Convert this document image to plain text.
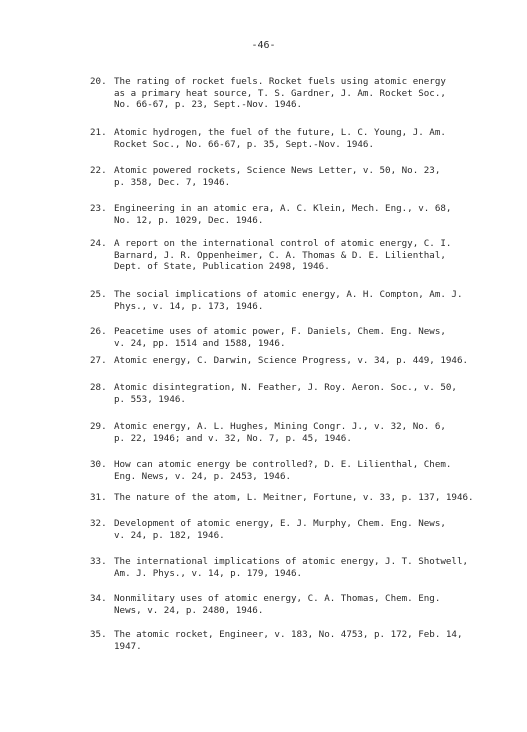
-46-
20. The rating of rocket fuels. Rocket fuels using atomic energy
as a primary heat source, T. S. Gardner, J. Am. Rocket Soc.,
No. 66-67, p. 23, Sept.-Nov. 1946.
21. Atomic hydrogen, the fuel of the future, L. C. Young, J. Am.
Rocket Soc., No. 66-67, p. 35, Sept.-Nov. 1946.
22. Atomic powered rockets, Science News Letter, v. 50, No. 23,
p. 358, Dec. 7, 1946.
23. Engineering in an atomic era, A. C. Klein, Mech. Eng., v. 68,
No. 12, p. 1029, Dec. 1946.
24. A report on the international control of atomic energy, C. I.
Barnard, J. R. Oppenheimer, C. A. Thomas & D. E. Lilienthal,
Dept. of State, Publication 2498, 1946.
25. The social implications of atomic energy, A. H. Compton, Am. J.
Phys., v. 14, p. 173, 1946.
26. Peacetime uses of atomic power, F. Daniels, Chem. Eng. News,
v. 24, pp. 1514 and 1588, 1946.
27. Atomic energy, C. Darwin, Science Progress, v. 34, p. 449, 1946.
28. Atomic disintegration, N. Feather, J. Roy. Aeron. Soc., v. 50,
p. 553, 1946.
29. Atomic energy, A. L. Hughes, Mining Congr. J., v. 32, No. 6,
p. 22, 1946; and v. 32, No. 7, p. 45, 1946.
30. How can atomic energy be controlled?, D. E. Lilienthal, Chem.
Eng. News, v. 24, p. 2453, 1946.
31. The nature of the atom, L. Meitner, Fortune, v. 33, p. 137, 1946.
32. Development of atomic energy, E. J. Murphy, Chem. Eng. News,
v. 24, p. 182, 1946.
33. The international implications of atomic energy, J. T. Shotwell,
Am. J. Phys., v. 14, p. 179, 1946.
34. Nonmilitary uses of atomic energy, C. A. Thomas, Chem. Eng.
News, v. 24, p. 2480, 1946.
35. The atomic rocket, Engineer, v. 183, No. 4753, p. 172, Feb. 14,
1947.
